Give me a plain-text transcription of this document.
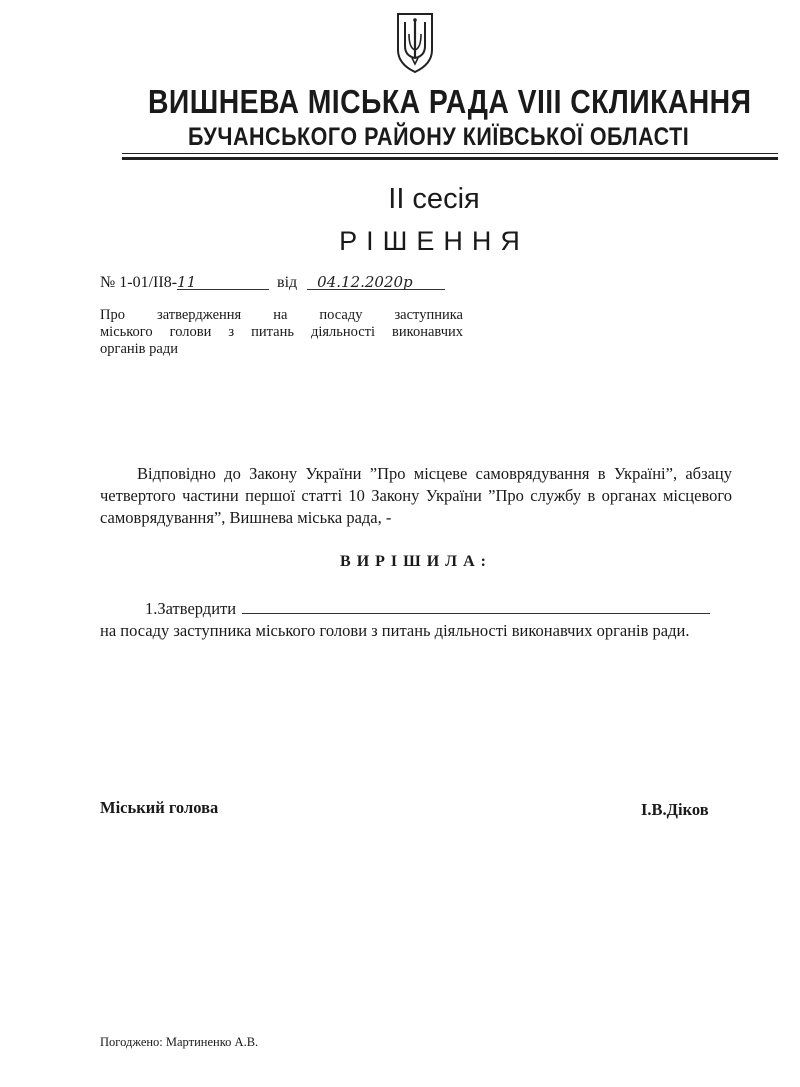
ВИШНЕВА МІСЬКА РАДА VIII СКЛИКАННЯ
БУЧАНСЬКОГО РАЙОНУ КИЇВСЬКОЇ ОБЛАСТІ
ІІ сесія
РІШЕННЯ
№ 1-01/ІІ8-11	від 04.12.2020р

Про затвердження на посаду заступника

міського голови з питань діяльності виконавчих

органів ради

Відповідно до Закону України ”Про місцеве самоврядування в Україні”, абзацу четвертого частини першої статті 10 Закону України ”Про службу в органах місцевого самоврядування”, Вишнева міська рада, -

ВИРІШИЛА:
1.Затвердити

на посаду заступника міського голови з питань діяльності виконавчих органів ради.

Міський голова	І.В.Діков
Погоджено: Мартиненко А.В.
